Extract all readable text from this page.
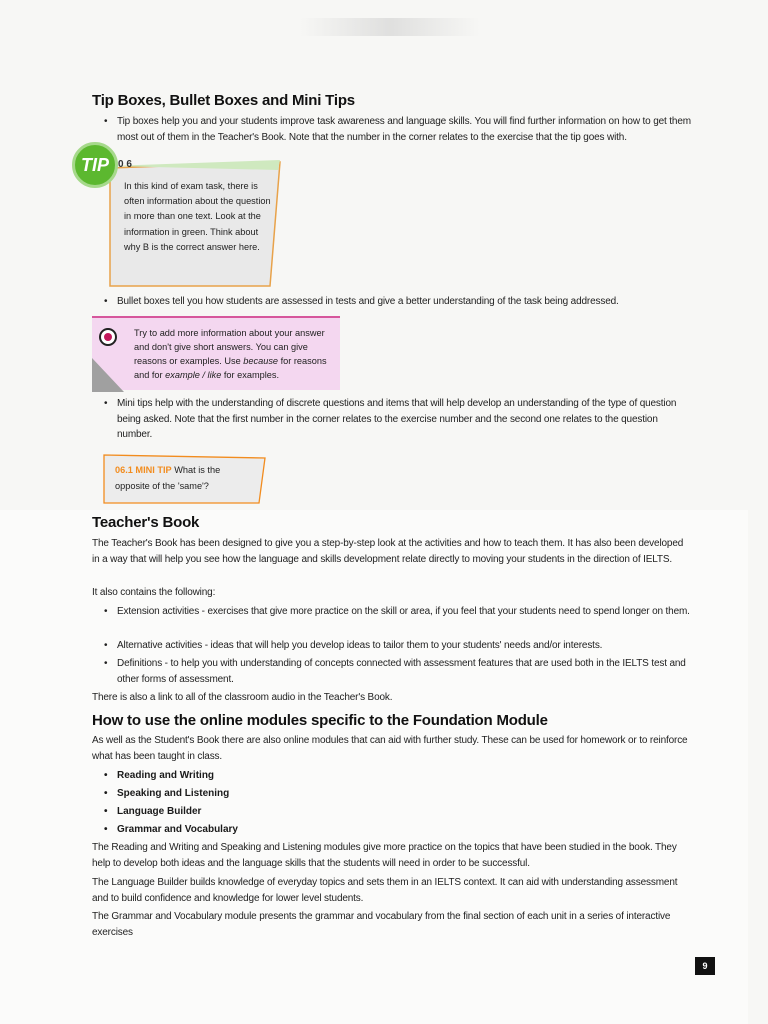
Tip Boxes, Bullet Boxes and Mini Tips
• Tip boxes help you and your students improve task awareness and language skills. You will find further information on how to get them most out of them in the Teacher's Book. Note that the number in the corner relates to the exercise that the tip goes with.
TIP 0 6
In this kind of exam task, there is often information about the question in more than one text. Look at the information in green. Think about why B is the correct answer here.
• Bullet boxes tell you how students are assessed in tests and give a better understanding of the task being addressed.
Try to add more information about your answer and don't give short answers. You can give reasons or examples. Use because for reasons and for example / like for examples.
• Mini tips help with the understanding of discrete questions and items that will help develop an understanding of the type of question being asked. Note that the first number in the corner relates to the exercise number and the second one relates to the question number.
06.1 MINI TIP What is the opposite of the 'same'?
Teacher's Book
The Teacher's Book has been designed to give you a step-by-step look at the activities and how to teach them. It has also been developed in a way that will help you see how the language and skills development relate directly to moving your students in the direction of IELTS.
It also contains the following:
• Extension activities - exercises that give more practice on the skill or area, if you feel that your students need to spend longer on them.
• Alternative activities - ideas that will help you develop ideas to tailor them to your students' needs and/or interests.
• Definitions - to help you with understanding of concepts connected with assessment features that are used both in the IELTS test and other forms of assessment.
There is also a link to all of the classroom audio in the Teacher's Book.
How to use the online modules specific to the Foundation Module
As well as the Student's Book there are also online modules that can aid with further study. These can be used for homework or to reinforce what has been taught in class.
• Reading and Writing
• Speaking and Listening
• Language Builder
• Grammar and Vocabulary
The Reading and Writing and Speaking and Listening modules give more practice on the topics that have been studied in the book. They help to develop both ideas and the language skills that the students will need in order to be successful.
The Language Builder builds knowledge of everyday topics and sets them in an IELTS context. It can aid with understanding assessment and to build confidence and knowledge for lower level students.
The Grammar and Vocabulary module presents the grammar and vocabulary from the final section of each unit in a series of interactive exercises
9
